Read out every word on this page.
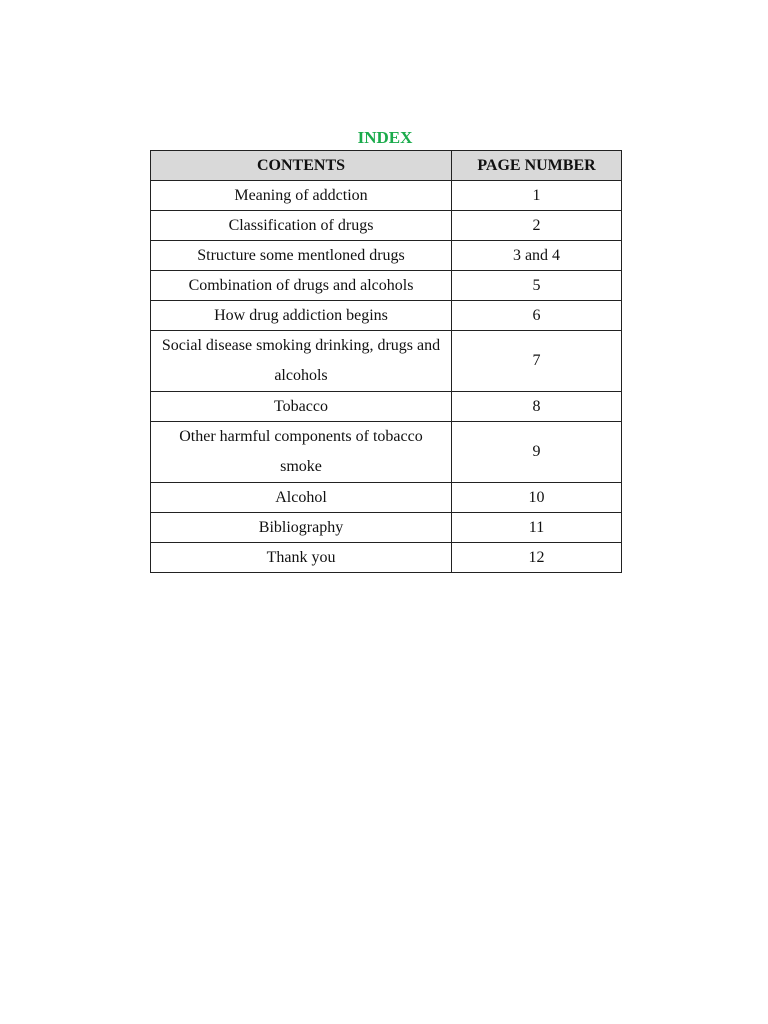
INDEX
CONTENTS	PAGE NUMBER
Meaning of addction	1
Classification of drugs	2
Structure some mentloned drugs	3 and 4
Combination of drugs and alcohols	5
How drug addiction begins	6
Social disease smoking drinking, drugs and alcohols	7
Tobacco	8
Other harmful components of tobacco smoke	9
Alcohol	10
Bibliography	11
Thank you	12
